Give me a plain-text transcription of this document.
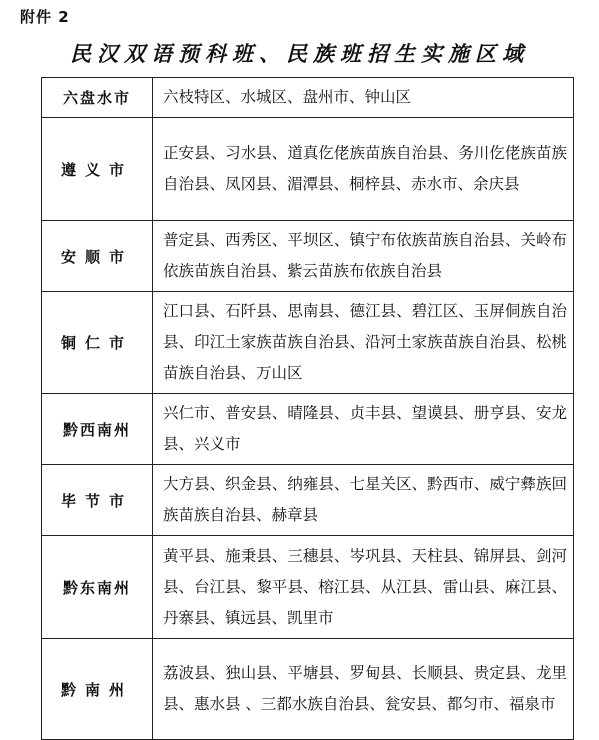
附件 2
民汉双语预科班、民族班招生实施区域
六盘水市	六枝特区、水城区、盘州市、钟山区
遵义市	正安县、习水县、道真仡佬族苗族自治县、务川仡佬族苗族自治县、凤冈县、湄潭县、桐梓县、赤水市、余庆县
安顺市	普定县、西秀区、平坝区、镇宁布依族苗族自治县、关岭布依族苗族自治县、紫云苗族布依族自治县
铜仁市	江口县、石阡县、思南县、德江县、碧江区、玉屏侗族自治县、印江土家族苗族自治县、沿河土家族苗族自治县、松桃苗族自治县、万山区
黔西南州	兴仁市、普安县、晴隆县、贞丰县、望谟县、册亨县、安龙县、兴义市
毕节市	大方县、织金县、纳雍县、七星关区、黔西市、威宁彝族回族苗族自治县、赫章县
黔东南州	黄平县、施秉县、三穗县、岑巩县、天柱县、锦屏县、剑河县、台江县、黎平县、榕江县、从江县、雷山县、麻江县、丹寨县、镇远县、凯里市
黔南州	荔波县、独山县、平塘县、罗甸县、长顺县、贵定县、龙里县、惠水县 、三都水族自治县、瓮安县、都匀市、福泉市
